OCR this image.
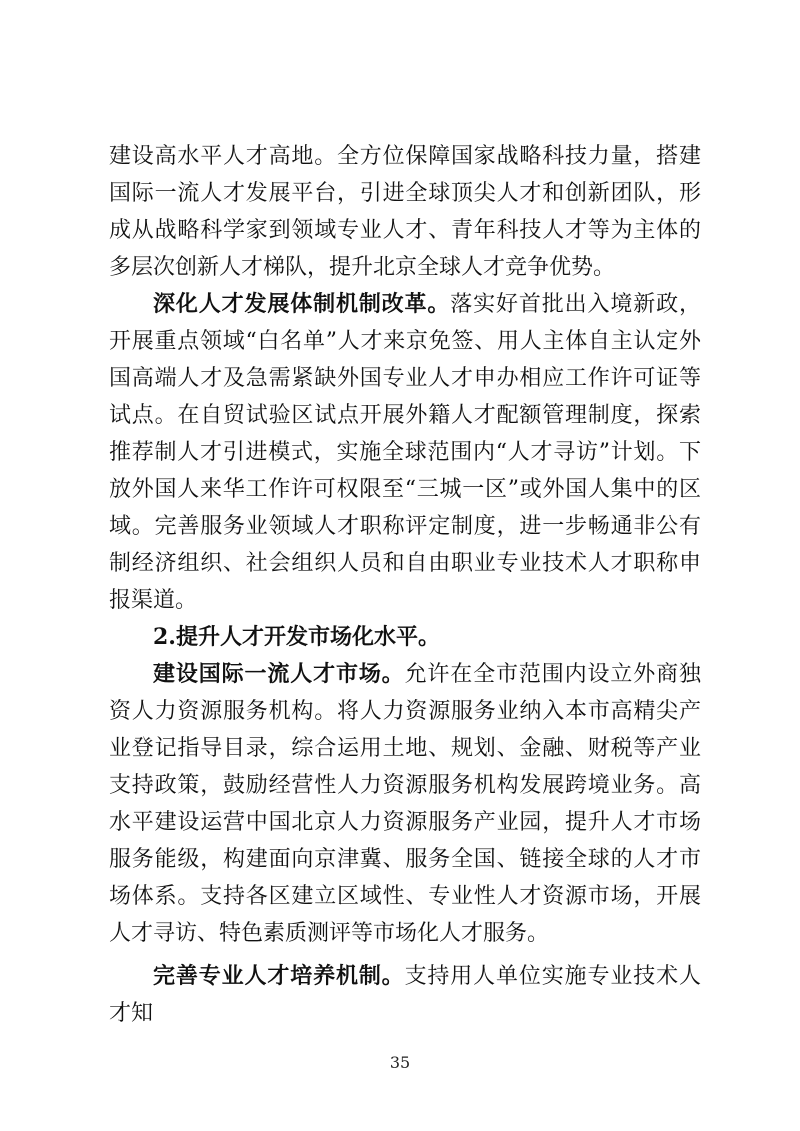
建设高水平人才高地。全方位保障国家战略科技力量，搭建国际一流人才发展平台，引进全球顶尖人才和创新团队，形成从战略科学家到领域专业人才、青年科技人才等为主体的多层次创新人才梯队，提升北京全球人才竞争优势。

深化人才发展体制机制改革。落实好首批出入境新政，开展重点领域“白名单”人才来京免签、用人主体自主认定外国高端人才及急需紧缺外国专业人才申办相应工作许可证等试点。在自贸试验区试点开展外籍人才配额管理制度，探索推荐制人才引进模式，实施全球范围内“人才寻访”计划。下放外国人来华工作许可权限至“三城一区”或外国人集中的区域。完善服务业领域人才职称评定制度，进一步畅通非公有制经济组织、社会组织人员和自由职业专业技术人才职称申报渠道。

2.提升人才开发市场化水平。

建设国际一流人才市场。允许在全市范围内设立外商独资人力资源服务机构。将人力资源服务业纳入本市高精尖产业登记指导目录，综合运用土地、规划、金融、财税等产业支持政策，鼓励经营性人力资源服务机构发展跨境业务。高水平建设运营中国北京人力资源服务产业园，提升人才市场服务能级，构建面向京津冀、服务全国、链接全球的人才市场体系。支持各区建立区域性、专业性人才资源市场，开展人才寻访、特色素质测评等市场化人才服务。

完善专业人才培养机制。支持用人单位实施专业技术人才知

35
